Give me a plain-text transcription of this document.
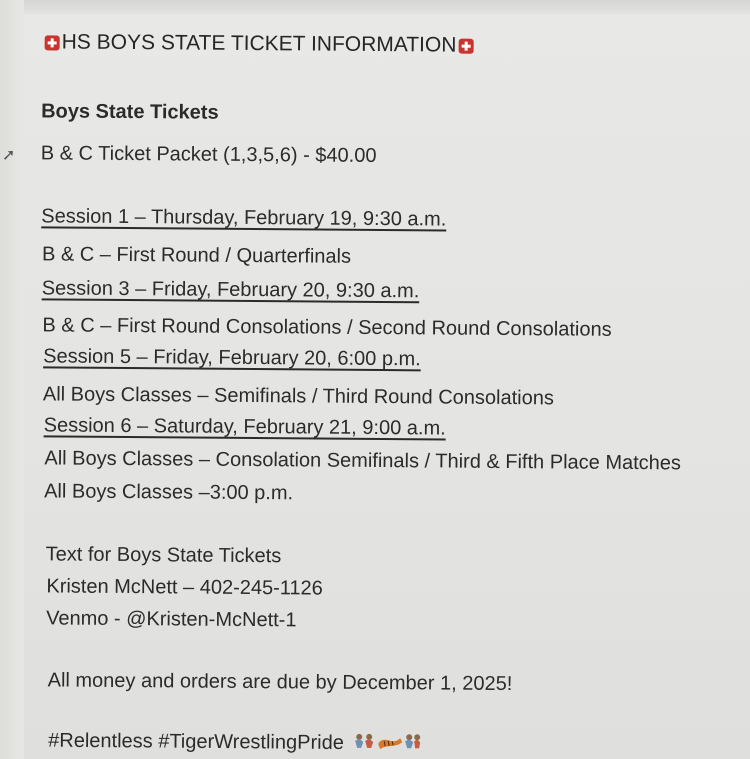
➚
HS BOYS STATE TICKET INFORMATION
Boys State Tickets
B & C Ticket Packet (1,3,5,6) - $40.00
Session 1 – Thursday, February 19, 9:30 a.m.
B & C – First Round / Quarterfinals
Session 3 – Friday, February 20, 9:30 a.m.
B & C – First Round Consolations / Second Round Consolations
Session 5 – Friday, February 20, 6:00 p.m.
All Boys Classes – Semifinals / Third Round Consolations
Session 6 – Saturday, February 21, 9:00 a.m.
All Boys Classes – Consolation Semifinals / Third & Fifth Place Matches
All Boys Classes –3:00 p.m.
Text for Boys State Tickets
Kristen McNett – 402-245-1126
Venmo - @Kristen-McNett-1
All money and orders are due by December 1, 2025!
#Relentless #TigerWrestlingPride
